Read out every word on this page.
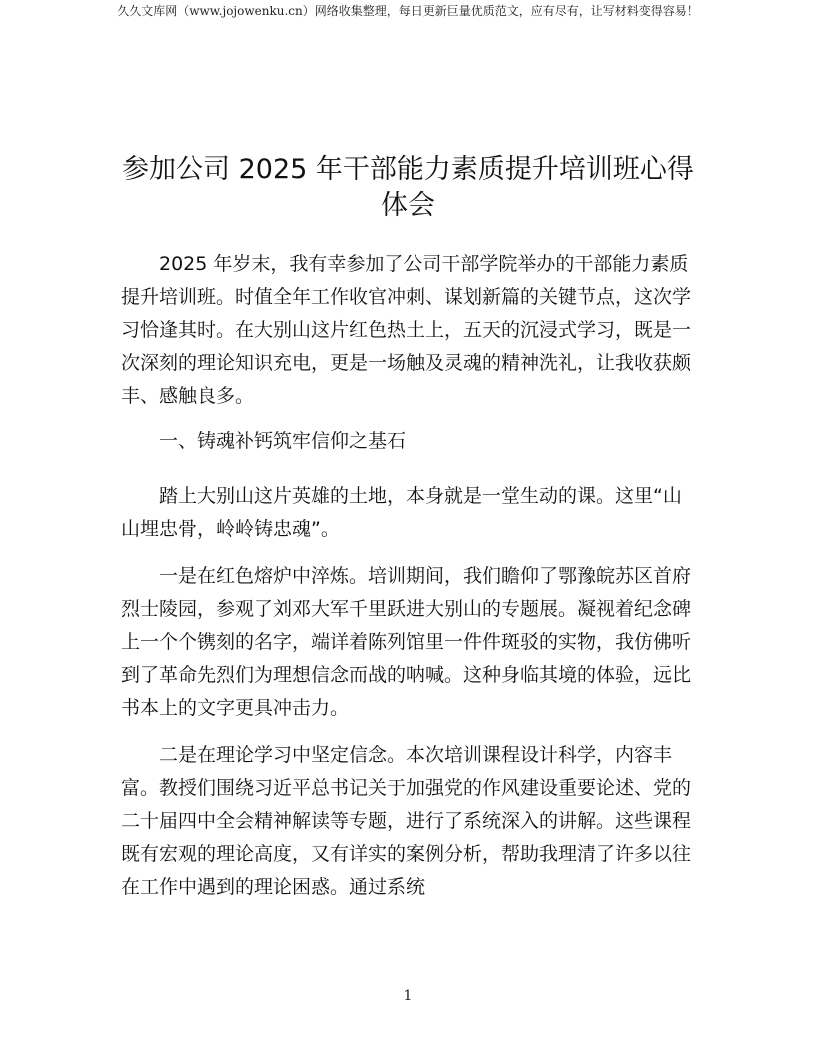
久久文库网（www.jojowenku.cn）网络收集整理，每日更新巨量优质范文，应有尽有，让写材料变得容易！
参加公司 2025 年干部能力素质提升培训班心得体会

2025 年岁末，我有幸参加了公司干部学院举办的干部能力素质提升培训班。时值全年工作收官冲刺、谋划新篇的关键节点，这次学习恰逢其时。在大别山这片红色热土上，五天的沉浸式学习，既是一次深刻的理论知识充电，更是一场触及灵魂的精神洗礼，让我收获颇丰、感触良多。

一、铸魂补钙筑牢信仰之基石

踏上大别山这片英雄的土地，本身就是一堂生动的课。这里“山山埋忠骨，岭岭铸忠魂”。

一是在红色熔炉中淬炼。培训期间，我们瞻仰了鄂豫皖苏区首府烈士陵园，参观了刘邓大军千里跃进大别山的专题展。凝视着纪念碑上一个个镌刻的名字，端详着陈列馆里一件件斑驳的实物，我仿佛听到了革命先烈们为理想信念而战的呐喊。这种身临其境的体验，远比书本上的文字更具冲击力。

二是在理论学习中坚定信念。本次培训课程设计科学，内容丰富。教授们围绕习近平总书记关于加强党的作风建设重要论述、党的二十届四中全会精神解读等专题，进行了系统深入的讲解。这些课程既有宏观的理论高度，又有详实的案例分析，帮助我理清了许多以往在工作中遇到的理论困惑。通过系统

1
